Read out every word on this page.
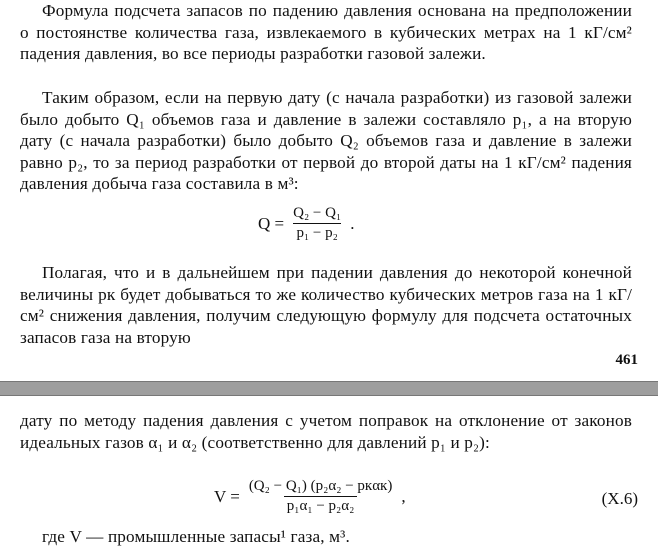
Формула подсчета запасов по падению давления основана на предположении о постоянстве количества газа, извлекаемого в кубических метрах на 1 кГ/см² падения давления, во все периоды разработки газовой залежи.
Таким образом, если на первую дату (с начала разработки) из газовой залежи было добыто Q₁ объемов газа и давление в залежи составляло p₁, а на вторую дату (с начала разработки) было добыто Q₂ объемов газа и давление в залежи равно p₂, то за период разработки от первой до второй даты на 1 кГ/см² падения давления добыча газа составила в м³:
$Q = \frac{\text{Q₂ − Q₁}}{\text{p₁ − p₂}}$ .
Полагая, что и в дальнейшем при падении давления до некоторой конечной величины pк будет добываться то же количество кубических метров газа на 1 кГ/см² снижения давления, получим следующую формулу для подсчета остаточных запасов газа на вторую
461
дату по методу падения давления с учетом поправок на отклонение от законов идеальных газов α₁ и α₂ (соответственно для давлений p₁ и p₂):
$V = \frac{\text{(Q₂ − Q₁) (p₂α₂ − pкαк)}}{\text{p₁α₁ − p₂α₂}}$ ,	(X.6)
где V — промышленные запасы¹ газа, м³.
